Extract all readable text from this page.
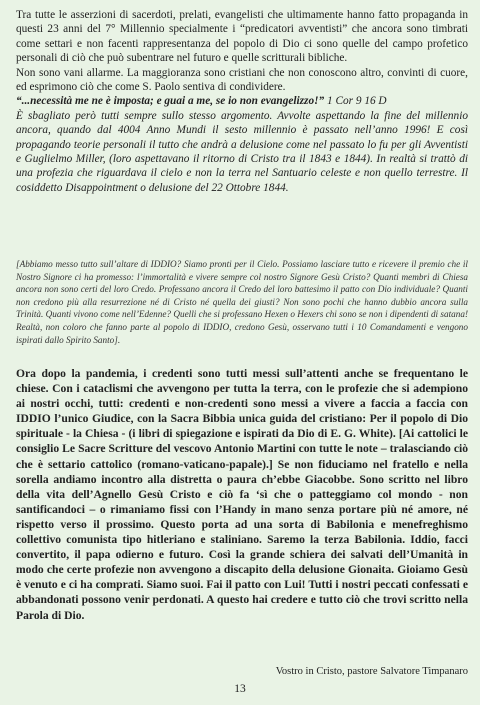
Tra tutte le asserzioni di sacerdoti, prelati, evangelisti che ultimamente hanno fatto propaganda in questi 23 anni del 7° Millennio specialmente i “predicatori avventisti” che ancora sono timbrati come settari e non facenti rappresentanza del popolo di Dio ci sono quelle del campo profetico personali di ciò che può subentrare nel futuro e quelle scritturali bibliche.
Non sono vani allarme. La maggioranza sono cristiani che non conoscono altro, convinti di cuore, ed esprimono ciò che come S. Paolo sentiva di condividere.
“...necessità me ne è imposta; e guai a me, se io non evangelizzo!” 1 Cor 9 16 D
È sbagliato però tutti sempre sullo stesso argomento. Avvolte aspettando la fine del millennio ancora, quando dal 4004 Anno Mundi il sesto millennio è passato nell’anno 1996! E così propagando teorie personali il tutto che andrà a delusione come nel passato lo fu per gli Avventisti e Guglielmo Miller, (loro aspettavano il ritorno di Cristo tra il 1843 e 1844). In realtà si trattò di una profezia che riguardava il cielo e non la terra nel Santuario celeste e non quello terrestre. Il cosiddetto Disappointment o delusione del 22 Ottobre 1844.

[Abbiamo messo tutto sull’altare di IDDIO? Siamo pronti per il Cielo. Possiamo lasciare tutto e ricevere il premio che il Nostro Signore ci ha promesso: l’immortalità e vivere sempre col nostro Signore Gesù Cristo? Quanti membri di Chiesa ancora non sono certi del loro Credo. Professano ancora il Credo del loro battesimo il patto con Dio individuale? Quanti non credono più alla resurrezione né di Cristo né quella dei giusti? Non sono pochi che hanno dubbio ancora sulla Trinità. Quanti vivono come nell’Edenne? Quelli che si professano Hexen o Hexers chi sono se non i dipendenti di satana! Realtà, non coloro che fanno parte al popolo di IDDIO, credono Gesù, osservano tutti i 10 Comandamenti e vengono ispirati dallo Spirito Santo].

Ora dopo la pandemia, i credenti sono tutti messi sull’attenti anche se frequentano le chiese. Con i cataclismi che avvengono per tutta la terra, con le profezie che si adempiono ai nostri occhi, tutti: credenti e non-credenti sono messi a vivere a faccia a faccia con IDDIO l’unico Giudice, con la Sacra Bibbia unica guida del cristiano: Per il popolo di Dio spirituale - la Chiesa - (i libri di spiegazione e ispirati da Dio di E. G. White). [Ai cattolici le consiglio Le Sacre Scritture del vescovo Antonio Martini con tutte le note – tralasciando ciò che è settario cattolico (romano-vaticano-papale).] Se non fiduciamo nel fratello e nella sorella andiamo incontro alla distretta o paura ch’ebbe Giacobbe. Sono scritto nel libro della vita dell’Agnello Gesù Cristo e ciò fa ‘sì che o patteggiamo col mondo - non santificandoci – o rimaniamo fissi con l’Handy in mano senza portare più né amore, né rispetto verso il prossimo. Questo porta ad una sorta di Babilonia e menefreghismo collettivo comunista tipo hitleriano e staliniano. Saremo la terza Babilonia. Iddio, facci convertito, il papa odierno e futuro. Così la grande schiera dei salvati dell’Umanità in modo che certe profezie non avvengono a discapito della delusione Gionaita. Gioiamo Gesù è venuto e ci ha comprati. Siamo suoi. Fai il patto con Lui! Tutti i nostri peccati confessati e abbandonati possono venir perdonati. A questo hai credere e tutto ciò che trovi scritto nella Parola di Dio.

Vostro in Cristo, pastore Salvatore Timpanaro
13
